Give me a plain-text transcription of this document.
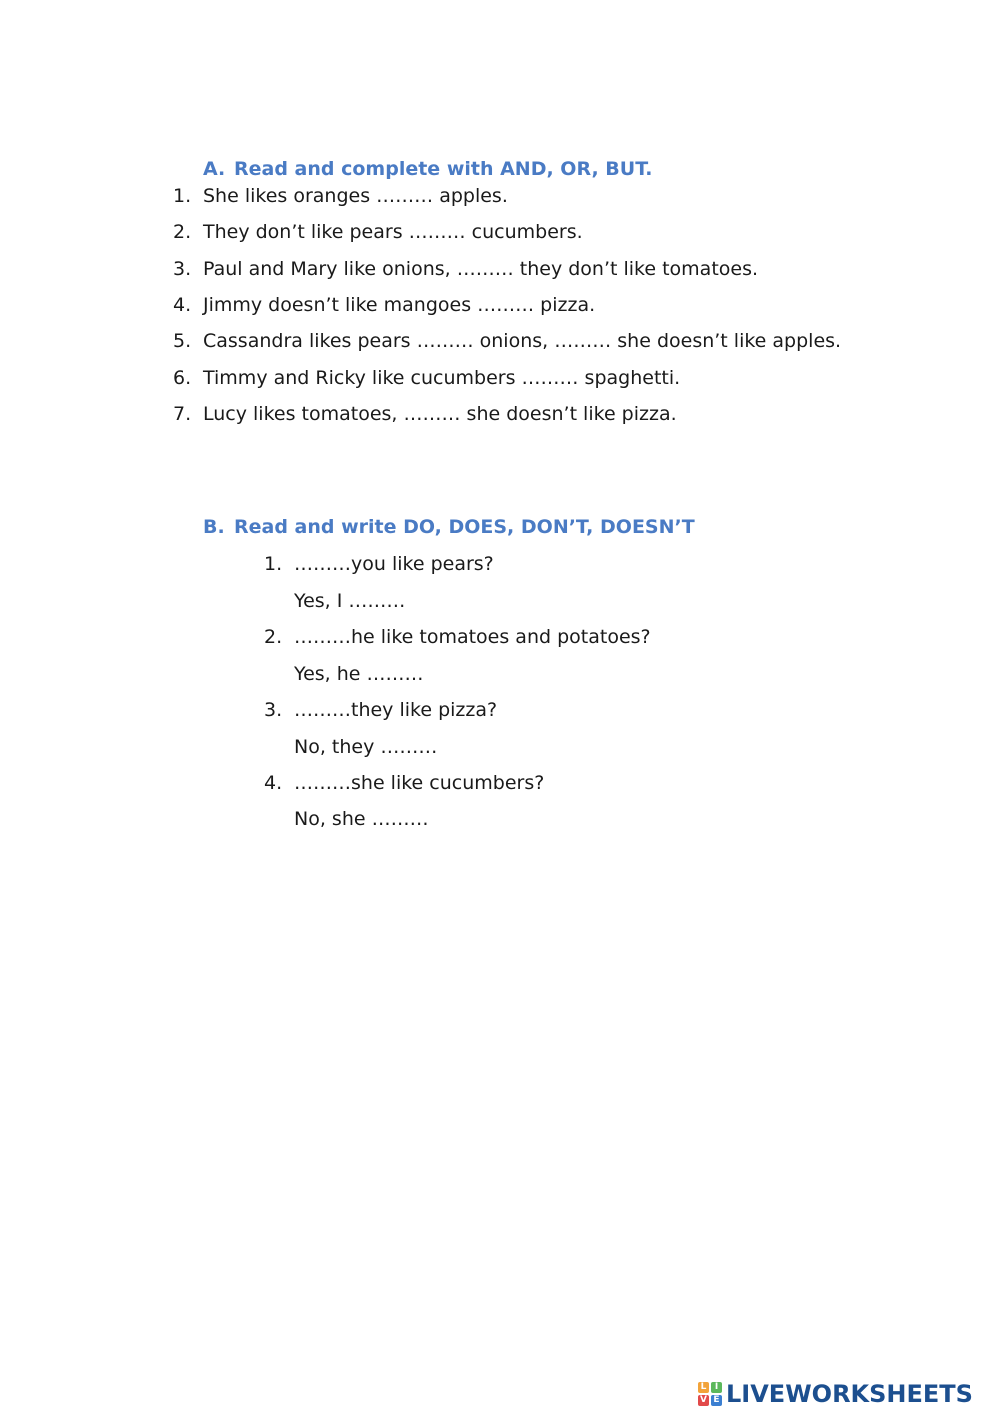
A. Read and complete with AND, OR, BUT.
1. She likes oranges ……… apples.
2. They don’t like pears ……… cucumbers.
3. Paul and Mary like onions, ……… they don’t like tomatoes.
4. Jimmy doesn’t like mangoes ……… pizza.
5. Cassandra likes pears ……… onions, ……… she doesn’t like apples.
6. Timmy and Ricky like cucumbers ……… spaghetti.
7. Lucy likes tomatoes, ……… she doesn’t like pizza.
B. Read and write DO, DOES, DON’T, DOESN’T
1. ………you like pears?
Yes, I ………
2. ………he like tomatoes and potatoes?
Yes, he ………
3. ………they like pizza?
No, they ………
4. ………she like cucumbers?
No, she ………
L I
V E LIVEWORKSHEETS
